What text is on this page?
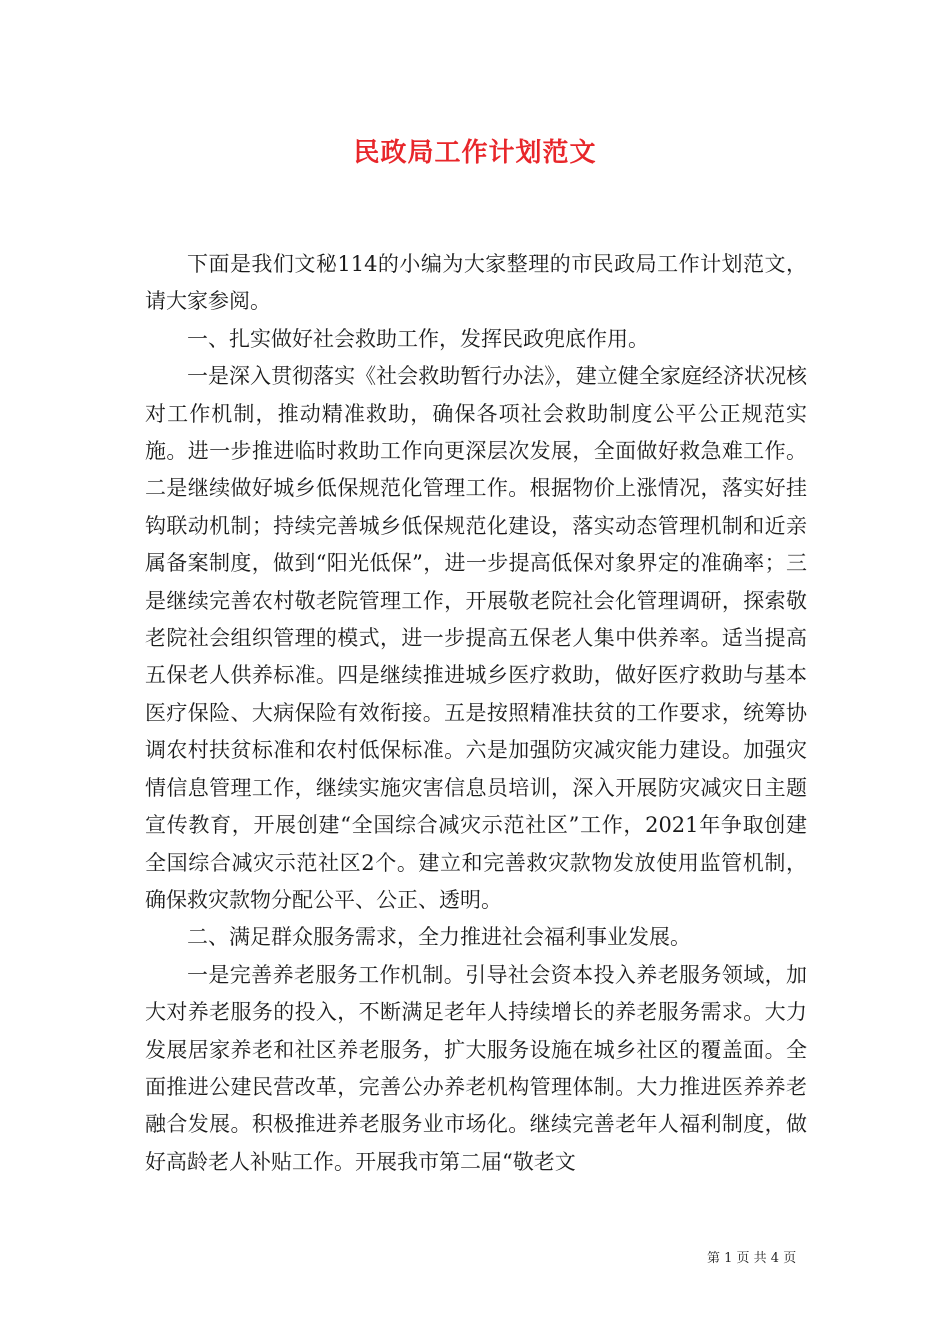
民政局工作计划范文

下面是我们文秘114的小编为大家整理的市民政局工作计划范文，请大家参阅。

一、扎实做好社会救助工作，发挥民政兜底作用。

一是深入贯彻落实《社会救助暂行办法》，建立健全家庭经济状况核对工作机制，推动精准救助，确保各项社会救助制度公平公正规范实施。进一步推进临时救助工作向更深层次发展，全面做好救急难工作。二是继续做好城乡低保规范化管理工作。根据物价上涨情况，落实好挂钩联动机制；持续完善城乡低保规范化建设，落实动态管理机制和近亲属备案制度，做到“阳光低保”，进一步提高低保对象界定的准确率；三是继续完善农村敬老院管理工作，开展敬老院社会化管理调研，探索敬老院社会组织管理的模式，进一步提高五保老人集中供养率。适当提高五保老人供养标准。四是继续推进城乡医疗救助，做好医疗救助与基本医疗保险、大病保险有效衔接。五是按照精准扶贫的工作要求，统筹协调农村扶贫标准和农村低保标准。六是加强防灾减灾能力建设。加强灾情信息管理工作，继续实施灾害信息员培训，深入开展防灾减灾日主题宣传教育，开展创建“全国综合减灾示范社区”工作，2021年争取创建全国综合减灾示范社区2个。建立和完善救灾款物发放使用监管机制，确保救灾款物分配公平、公正、透明。

二、满足群众服务需求，全力推进社会福利事业发展。

一是完善养老服务工作机制。引导社会资本投入养老服务领域，加大对养老服务的投入，不断满足老年人持续增长的养老服务需求。大力发展居家养老和社区养老服务，扩大服务设施在城乡社区的覆盖面。全面推进公建民营改革，完善公办养老机构管理体制。大力推进医养养老融合发展。积极推进养老服务业市场化。继续完善老年人福利制度，做好高龄老人补贴工作。开展我市第二届“敬老文

第 1 页 共 4 页
